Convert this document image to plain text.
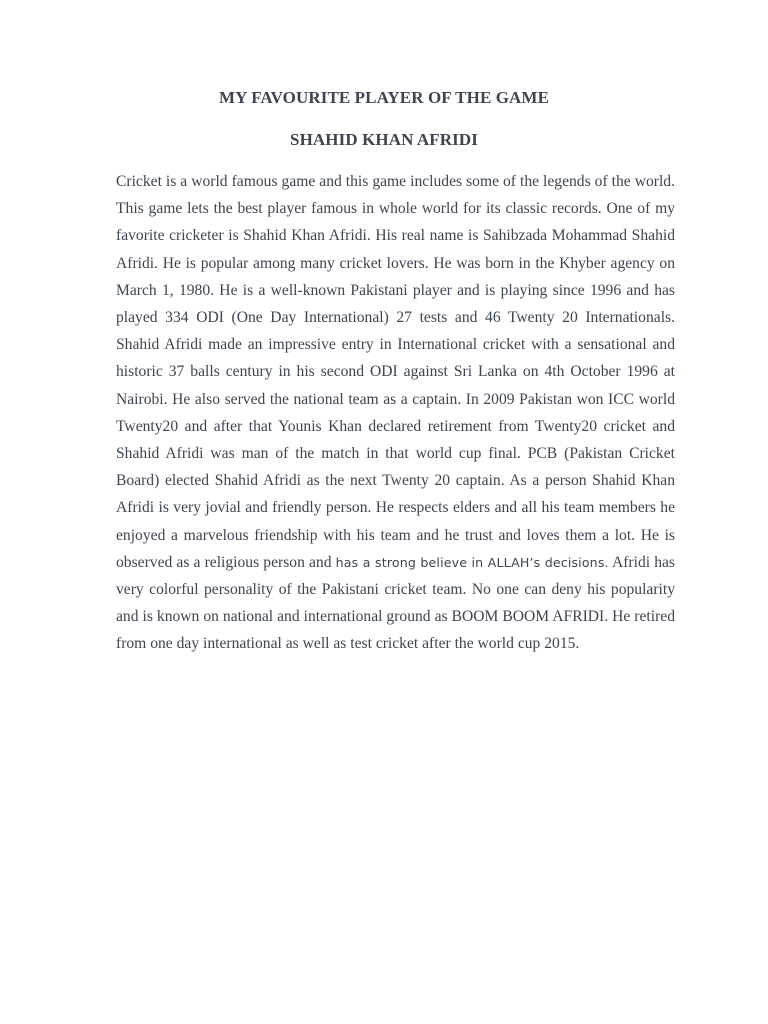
MY FAVOURITE PLAYER OF THE GAME
SHAHID KHAN AFRIDI

Cricket is a world famous game and this game includes some of the legends of the world. This game lets the best player famous in whole world for its classic records. One of my favorite cricketer is Shahid Khan Afridi. His real name is Sahibzada Mohammad Shahid Afridi. He is popular among many cricket lovers. He was born in the Khyber agency on March 1, 1980. He is a well-known Pakistani player and is playing since 1996 and has played 334 ODI (One Day International) 27 tests and 46 Twenty 20 Internationals. Shahid Afridi made an impressive entry in International cricket with a sensational and historic 37 balls century in his second ODI against Sri Lanka on 4th October 1996 at Nairobi. He also served the national team as a captain. In 2009 Pakistan won ICC world Twenty20 and after that Younis Khan declared retirement from Twenty20 cricket and Shahid Afridi was man of the match in that world cup final. PCB (Pakistan Cricket Board) elected Shahid Afridi as the next Twenty 20 captain. As a person Shahid Khan Afridi is very jovial and friendly person. He respects elders and all his team members he enjoyed a marvelous friendship with his team and he trust and loves them a lot. He is observed as a religious person and has a strong believe in ALLAH’s decisions. Afridi has very colorful personality of the Pakistani cricket team. No one can deny his popularity and is known on national and international ground as BOOM BOOM AFRIDI. He retired from one day international as well as test cricket after the world cup 2015.
